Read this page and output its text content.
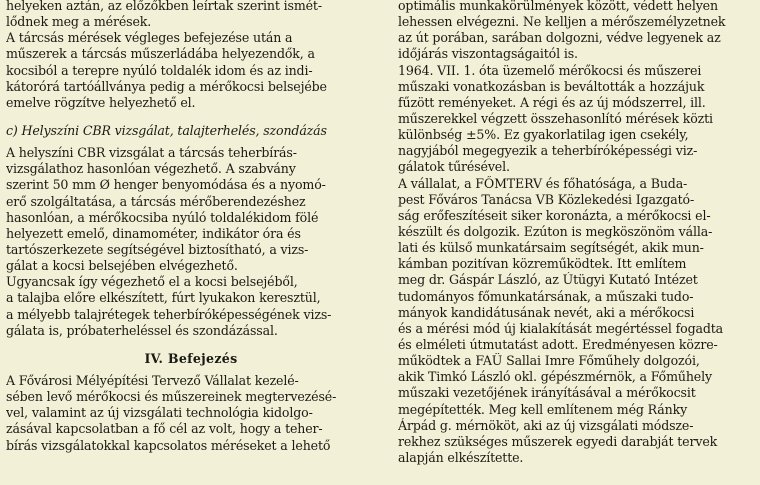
helyeken aztán, az előzőkben leírtak szerint ismét-
lődnek meg a mérések.
A tárcsás mérések végleges befejezése után a
műszerek a tárcsás műszerládába helyezendők, a
kocsiból a terepre nyúló toldalék idom és az indi-
kátorórá tartóállványa pedig a mérőkocsi belsejébe
emelve rögzítve helyezhető el.
c) Helyszíni CBR vizsgálat, talajterhelés, szondázás
A helyszíni CBR vizsgálat a tárcsás teherbírás-
vizsgálathoz hasonlóan végezhető. A szabvány
szerint 50 mm Ø henger benyomódása és a nyomó-
erő szolgáltatása, a tárcsás mérőberendezéshez
hasonlóan, a mérőkocsiba nyúló toldalékidom fölé
helyezett emelő, dinamométer, indikátor óra és
tartószerkezete segítségével biztosítható, a vizs-
gálat a kocsi belsejében elvégezhető.
Ugyancsak így végezhető el a kocsi belsejéből,
a talajba előre elkészített, fúrt lyukakon keresztül,
a mélyebb talajrétegek teherbíróképességének vizs-
gálata is, próbaterheléssel és szondázással.
IV. Befejezés
A Fővárosi Mélyépítési Tervező Vállalat kezelé-
sében levő mérőkocsi és műszereinek megtervezésé-
vel, valamint az új vizsgálati technológia kidolgo-
zásával kapcsolatban a fő cél az volt, hogy a teher-
bírás vizsgálatokkal kapcsolatos méréseket a lehető
optimális munkakörülmények között, védett helyen
lehessen elvégezni. Ne kelljen a mérőszemélyzetnek
az út porában, sarában dolgozni, védve legyenek az
időjárás viszontagságaitól is.
1964. VII. 1. óta üzemelő mérőkocsi és műszerei
műszaki vonatkozásban is beváltották a hozzájuk
fűzött reményeket. A régi és az új módszerrel, ill.
műszerekkel végzett összehasonlító mérések közti
különbség ±5%. Ez gyakorlatilag igen csekély,
nagyjából megegyezik a teherbíróképességi viz-
gálatok tűrésével.
A vállalat, a FŐMTERV és főhatósága, a Buda-
pest Főváros Tanácsa VB Közlekedési Igazgató-
ság erőfeszítéseit siker koronázta, a mérőkocsi el-
készült és dolgozik. Ezúton is megköszönöm válla-
lati és külső munkatársaim segítségét, akik mun-
kámban pozitívan közreműködtek. Itt említem
meg dr. Gáspár László, az Útügyi Kutató Intézet
tudományos főmunkatársának, a műszaki tudo-
mányok kandidátusának nevét, aki a mérőkocsi
és a mérési mód új kialakítását megértéssel fogadta
és elméleti útmutatást adott. Eredményesen közre-
működtek a FAÜ Sallai Imre Főműhely dolgozói,
akik Timkó László okl. gépészmérnök, a Főműhely
műszaki vezetőjének irányításával a mérőkocsit
megépítették. Meg kell említenem még Ránky
Árpád g. mérnököt, aki az új vizsgálati módsze-
rekhez szükséges műszerek egyedi darabját tervek
alapján elkészítette.
